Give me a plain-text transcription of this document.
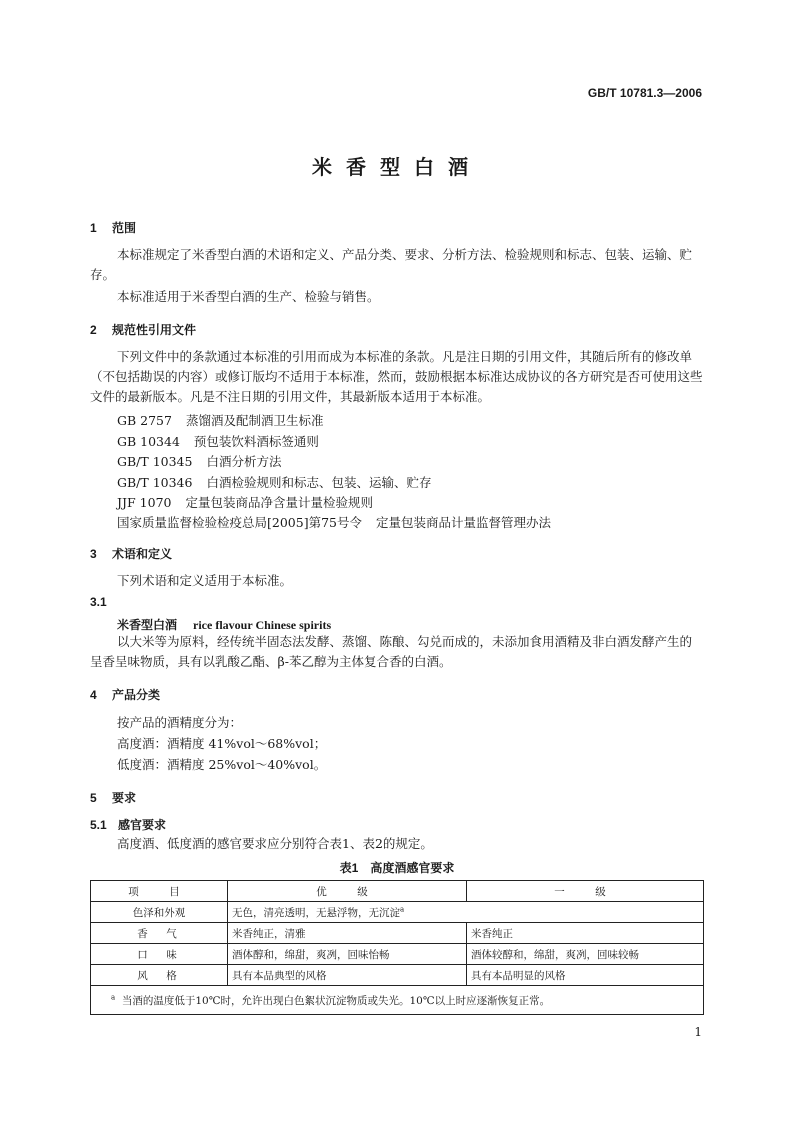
GB/T 10781.3—2006
米香型白酒
1 范围
本标准规定了米香型白酒的术语和定义、产品分类、要求、分析方法、检验规则和标志、包装、运输、贮存。
本标准适用于米香型白酒的生产、检验与销售。
2 规范性引用文件
下列文件中的条款通过本标准的引用而成为本标准的条款。凡是注日期的引用文件，其随后所有的修改单（不包括勘误的内容）或修订版均不适用于本标准，然而，鼓励根据本标准达成协议的各方研究是否可使用这些文件的最新版本。凡是不注日期的引用文件，其最新版本适用于本标准。
GB 2757 蒸馏酒及配制酒卫生标准
GB 10344 预包装饮料酒标签通则
GB/T 10345 白酒分析方法
GB/T 10346 白酒检验规则和标志、包装、运输、贮存
JJF 1070 定量包装商品净含量计量检验规则
国家质量监督检验检疫总局[2005]第75号令 定量包装商品计量监督管理办法
3 术语和定义
下列术语和定义适用于本标准。
3.1
米香型白酒 rice flavour Chinese spirits
以大米等为原料，经传统半固态法发酵、蒸馏、陈酿、勾兑而成的，未添加食用酒精及非白酒发酵产生的呈香呈味物质，具有以乳酸乙酯、β-苯乙醇为主体复合香的白酒。
4 产品分类
按产品的酒精度分为：
高度酒：酒精度 41%vol～68%vol；
低度酒：酒精度 25%vol～40%vol。
5 要求
5.1 感官要求
高度酒、低度酒的感官要求应分别符合表1、表2的规定。
表1　高度酒感官要求
项　目	优　级	一　级
色泽和外观	无色，清亮透明，无悬浮物，无沉淀$^a$
香　气	米香纯正，清雅	米香纯正
口　味	酒体醇和，绵甜，爽冽，回味怡畅	酒体较醇和，绵甜，爽冽，回味较畅
风　格	具有本品典型的风格	具有本品明显的风格
$^a$ 当酒的温度低于10℃时，允许出现白色絮状沉淀物质或失光。10℃以上时应逐渐恢复正常。		
1
